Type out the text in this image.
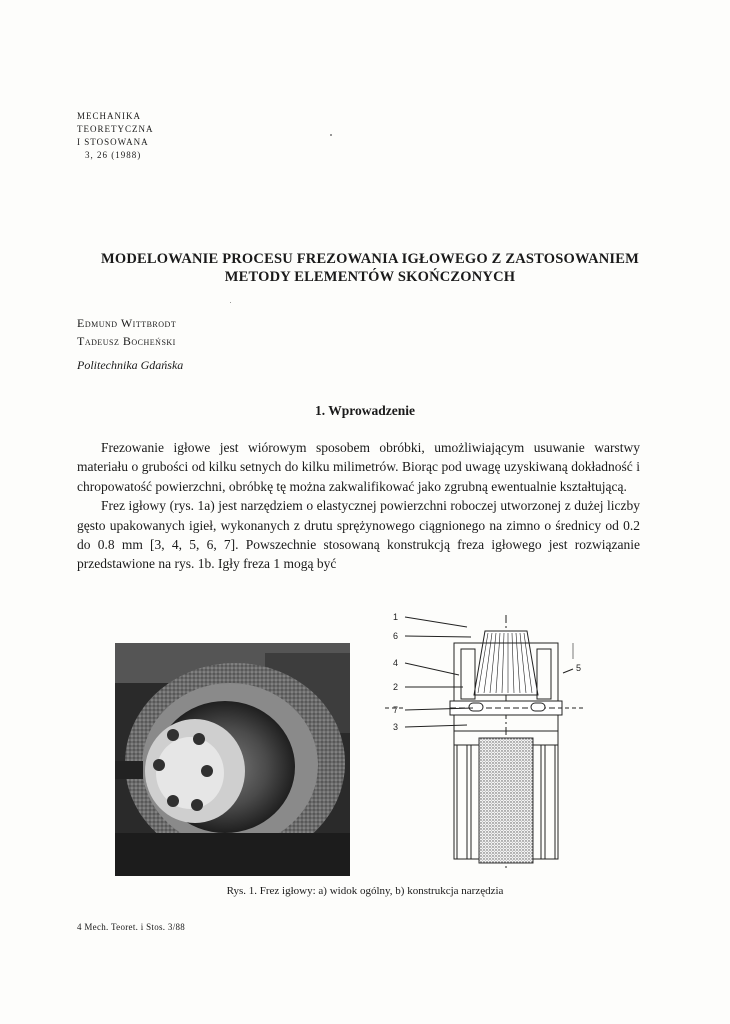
MECHANIKA
TEORETYCZNA
I STOSOWANA
3, 26 (1988)
MODELOWANIE PROCESU FREZOWANIA IGŁOWEGO Z ZASTOSOWANIEM
METODY ELEMENTÓW SKOŃCZONYCH
Edmund Wittbrodt
Tadeusz Bocheński
Politechnika Gdańska
1. Wprowadzenie

Frezowanie igłowe jest wiórowym sposobem obróbki, umożliwiającym usuwanie warstwy materiału o grubości od kilku setnych do kilku milimetrów. Biorąc pod uwagę uzyskiwaną dokładność i chropowatość powierzchni, obróbkę tę można zakwalifikować jako zgrubną ewentualnie kształtującą.

Frez igłowy (rys. 1a) jest narzędziem o elastycznej powierzchni roboczej utworzonej z dużej liczby gęsto upakowanych igieł, wykonanych z drutu sprężynowego ciągnionego na zimno o średnicy od 0.2 do 0.8 mm [3, 4, 5, 6, 7]. Powszechnie stosowaną konstrukcją freza igłowego jest rozwiązanie przedstawione na rys. 1b. Igły freza 1 mogą być

1
6
4
2
7
3
5
Rys. 1. Frez igłowy: a) widok ogólny, b) konstrukcja narzędzia
4 Mech. Teoret. i Stos. 3/88
